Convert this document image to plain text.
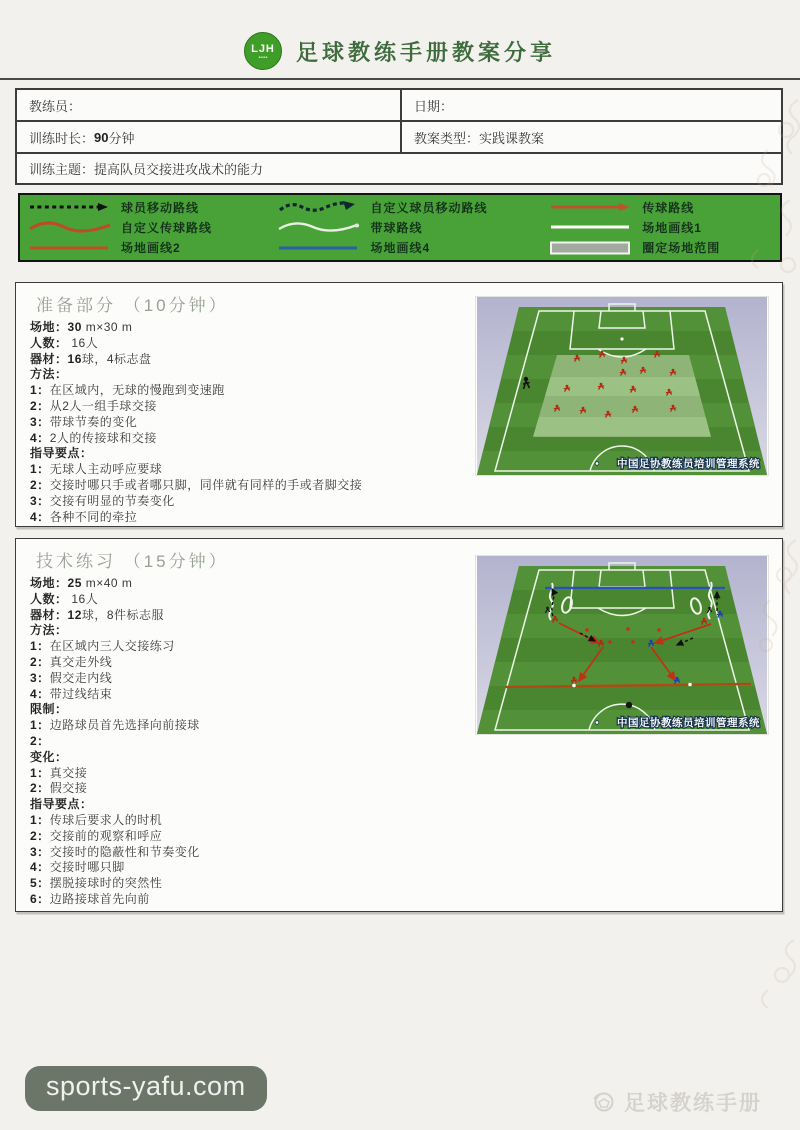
LJH
●●●●● 足球教练手册教案分享
教练员：	日期：
训练时长： 90 分钟	教案类型： 实践课教案
训练主题： 提高队员交接进攻战术的能力
球员移动路线	自定义球员移动路线	传球路线
自定义传球路线	带球路线	场地画线1
场地画线2	场地画线4	圈定场地范围
准备部分 （10分钟）
场地：30 m×30 m
人数： 16人
器材：16球，4标志盘
方法：
1：在区域内，无球的慢跑到变速跑
2：从2人一组手球交接
3：带球节奏的变化
4：2人的传接球和交接
指导要点：
1：无球人主动呼应要球
2：交接时哪只手或者哪只脚，同伴就有同样的手或者脚交接
3：交接有明显的节奏变化
4：各种不同的牵拉
中国足协教练员培训管理系统
技术练习 （15分钟）
场地：25 m×40 m
人数： 16人
器材：12球，8件标志服
方法：
1：在区域内三人交接练习
2：真交走外线
3：假交走内线
4：带过线结束
限制：
1：边路球员首先选择向前接球
2：
变化：
1：真交接
2：假交接
指导要点：
1：传球后要求人的时机
2：交接前的观察和呼应
3：交接时的隐蔽性和节奏变化
4：交接时哪只脚
5：摆脱接球时的突然性
6：边路接球首先向前
中国足协教练员培训管理系统
sports-yafu.com
足球教练手册
